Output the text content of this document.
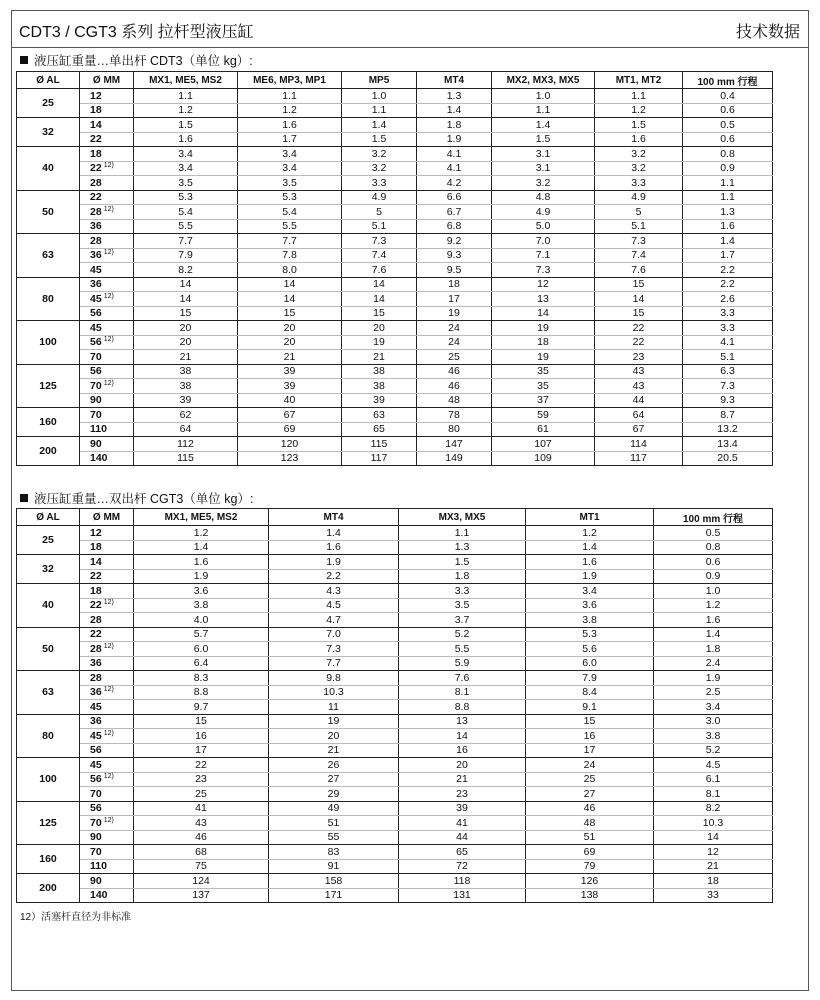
CDT3 / CGT3 系列 拉杆型液压缸	技术数据
液压缸重量…单出杆 CDT3（单位 kg）:
Ø AL	Ø MM	MX1, ME5, MS2	ME6, MP3, MP1	MP5	MT4	MX2, MX3, MX5	MT1, MT2	100 mm 行程
25	12	1.1	1.1	1.0	1.3	1.0	1.1	0.4
	18	1.2	1.2	1.1	1.4	1.1	1.2	0.6
32	14	1.5	1.6	1.4	1.8	1.4	1.5	0.5
	22	1.6	1.7	1.5	1.9	1.5	1.6	0.6
40	18	3.4	3.4	3.2	4.1	3.1	3.2	0.8
	22 $^{12)}$	3.4	3.4	3.2	4.1	3.1	3.2	0.9
	28	3.5	3.5	3.3	4.2	3.2	3.3	1.1
50	22	5.3	5.3	4.9	6.6	4.8	4.9	1.1
	28 $^{12)}$	5.4	5.4	5	6.7	4.9	5	1.3
	36	5.5	5.5	5.1	6.8	5.0	5.1	1.6
63	28	7.7	7.7	7.3	9.2	7.0	7.3	1.4
	36 $^{12)}$	7.9	7.8	7.4	9.3	7.1	7.4	1.7
	45	8.2	8.0	7.6	9.5	7.3	7.6	2.2
80	36	14	14	14	18	12	15	2.2
	45 $^{12)}$	14	14	14	17	13	14	2.6
	56	15	15	15	19	14	15	3.3
100	45	20	20	20	24	19	22	3.3
	56 $^{12)}$	20	20	19	24	18	22	4.1
	70	21	21	21	25	19	23	5.1
125	56	38	39	38	46	35	43	6.3
	70 $^{12)}$	38	39	38	46	35	43	7.3
	90	39	40	39	48	37	44	9.3
160	70	62	67	63	78	59	64	8.7
	110	64	69	65	80	61	67	13.2
200	90	112	120	115	147	107	114	13.4
	140	115	123	117	149	109	117	20.5
液压缸重量…双出杆 CGT3（单位 kg）:
Ø AL	Ø MM	MX1, ME5, MS2	MT4	MX3, MX5	MT1	100 mm 行程
25	12	1.2	1.4	1.1	1.2	0.5
	18	1.4	1.6	1.3	1.4	0.8
32	14	1.6	1.9	1.5	1.6	0.6
	22	1.9	2.2	1.8	1.9	0.9
40	18	3.6	4.3	3.3	3.4	1.0
	22 $^{12)}$	3.8	4.5	3.5	3.6	1.2
	28	4.0	4.7	3.7	3.8	1.6
50	22	5.7	7.0	5.2	5.3	1.4
	28 $^{12)}$	6.0	7.3	5.5	5.6	1.8
	36	6.4	7.7	5.9	6.0	2.4
63	28	8.3	9.8	7.6	7.9	1.9
	36 $^{12)}$	8.8	10.3	8.1	8.4	2.5
	45	9.7	11	8.8	9.1	3.4
80	36	15	19	13	15	3.0
	45 $^{12)}$	16	20	14	16	3.8
	56	17	21	16	17	5.2
100	45	22	26	20	24	4.5
	56 $^{12)}$	23	27	21	25	6.1
	70	25	29	23	27	8.1
125	56	41	49	39	46	8.2
	70 $^{12)}$	43	51	41	48	10.3
	90	46	55	44	51	14
160	70	68	83	65	69	12
	110	75	91	72	79	21
200	90	124	158	118	126	18
	140	137	171	131	138	33
12）活塞杆直径为非标准
